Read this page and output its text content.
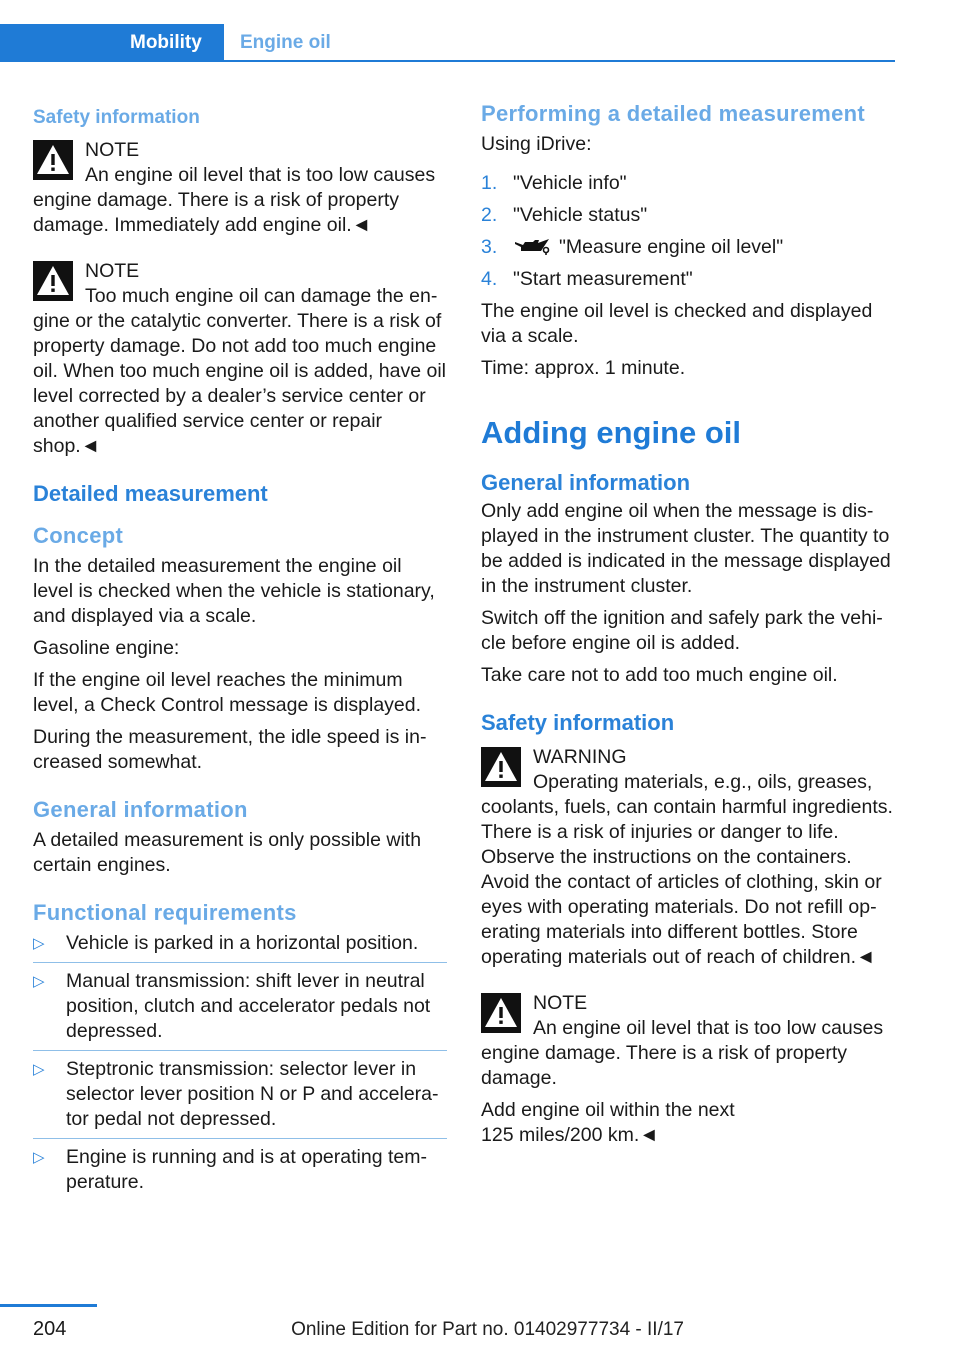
Mobility	Engine oil
Safety information
NOTE

An engine oil level that is too low causes engine damage. There is a risk of property damage. Immediately add engine oil.◄

NOTE

Too much engine oil can damage the engine or the catalytic converter. There is a risk of property damage. Do not add too much engine oil. When too much engine oil is added, have oil level corrected by a dealer’s service center or another qualified service center or repair shop.◄

Detailed measurement
Concept

In the detailed measurement the engine oil level is checked when the vehicle is stationary, and displayed via a scale.

Gasoline engine:

If the engine oil level reaches the minimum level, a Check Control message is displayed.

During the measurement, the idle speed is increased somewhat.

General information

A detailed measurement is only possible with certain engines.

Functional requirements
▷ Vehicle is parked in a horizontal position.
▷ Manual transmission: shift lever in neutral position, clutch and accelerator pedals not depressed.
▷ Steptronic transmission: selector lever in selector lever position N or P and accelerator pedal not depressed.
▷ Engine is running and is at operating temperature.
Performing a detailed measurement

Using iDrive:

1. "Vehicle info"
2. "Vehicle status"
3.	"Measure engine oil level"
4. "Start measurement"

The engine oil level is checked and displayed via a scale.

Time: approx. 1 minute.

Adding engine oil
General information

Only add engine oil when the message is displayed in the instrument cluster. The quantity to be added is indicated in the message displayed in the instrument cluster.

Switch off the ignition and safely park the vehicle before engine oil is added.

Take care not to add too much engine oil.

Safety information
WARNING

Operating materials, e.g., oils, greases, coolants, fuels, can contain harmful ingredients. There is a risk of injuries or danger to life. Observe the instructions on the containers. Avoid the contact of articles of clothing, skin or eyes with operating materials. Do not refill operating materials into different bottles. Store operating materials out of reach of children.◄

NOTE

An engine oil level that is too low causes engine damage. There is a risk of property damage.

Add engine oil within the next 125 miles/200 km.◄

204	Online Edition for Part no. 01402977734 - II/17
